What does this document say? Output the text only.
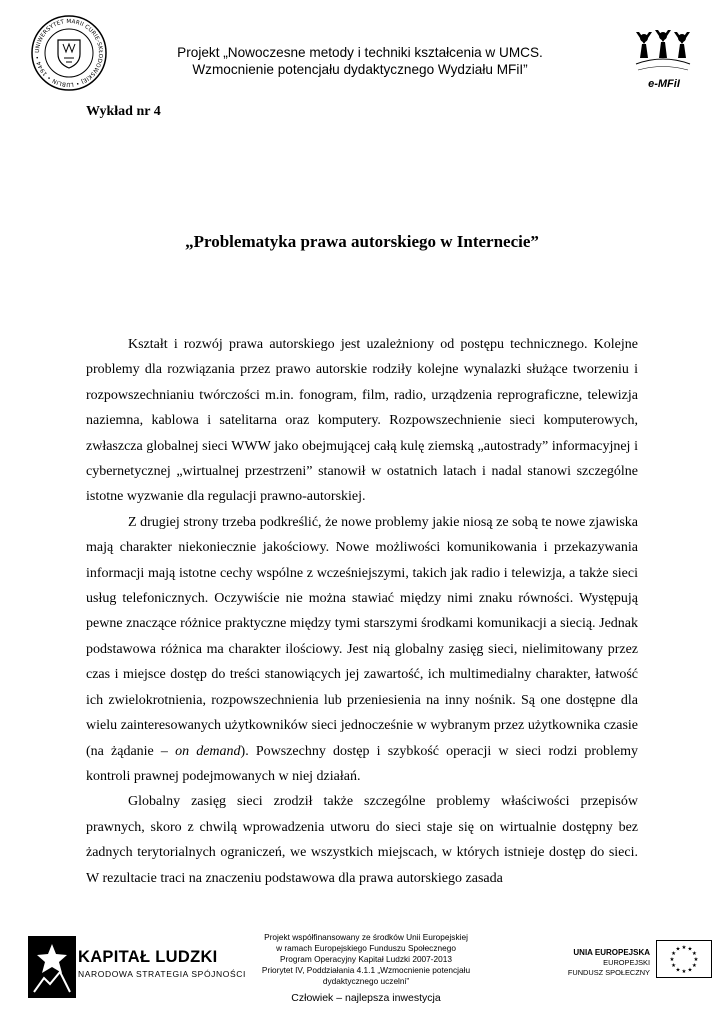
UNIWERSYTET MARII CURIE-SKŁODOWSKIEJ • LUBLIN • 1944 •	Projekt „Nowoczesne metody i techniki kształcenia w UMCS.
Wzmocnienie potencjału dydaktycznego Wydziału MFiI”
e-MFiI
Wykład nr 4
„Problematyka prawa autorskiego w Internecie”

Kształt i rozwój prawa autorskiego jest uzależniony od postępu technicznego. Kolejne problemy dla rozwiązania przez prawo autorskie rodziły kolejne wynalazki służące tworzeniu i rozpowszechnianiu twórczości m.in. fonogram, film, radio, urządzenia reprograficzne, telewizja naziemna, kablowa i satelitarna oraz komputery. Rozpowszechnienie sieci komputerowych, zwłaszcza globalnej sieci WWW jako obejmującej całą kulę ziemską „autostrady” informacyjnej i cybernetycznej „wirtualnej przestrzeni” stanowił w ostatnich latach i nadal stanowi szczególne istotne wyzwanie dla regulacji prawno-autorskiej.

Z drugiej strony trzeba podkreślić, że nowe problemy jakie niosą ze sobą te nowe zjawiska mają charakter niekoniecznie jakościowy. Nowe możliwości komunikowania i przekazywania informacji mają istotne cechy wspólne z wcześniejszymi, takich jak radio i telewizja, a także sieci usług telefonicznych. Oczywiście nie można stawiać między nimi znaku równości. Występują pewne znaczące różnice praktyczne między tymi starszymi środkami komunikacji a siecią. Jednak podstawowa różnica ma charakter ilościowy. Jest nią globalny zasięg sieci, nielimitowany przez czas i miejsce dostęp do treści stanowiących jej zawartość, ich multimedialny charakter, łatwość ich zwielokrotnienia, rozpowszechnienia lub przeniesienia na inny nośnik. Są one dostępne dla wielu zainteresowanych użytkowników sieci jednocześnie w wybranym przez użytkownika czasie (na żądanie – on demand). Powszechny dostęp i szybkość operacji w sieci rodzi problemy kontroli prawnej podejmowanych w niej działań.

Globalny zasięg sieci zrodził także szczególne problemy właściwości przepisów prawnych, skoro z chwilą wprowadzenia utworu do sieci staje się on wirtualnie dostępny bez żadnych terytorialnych ograniczeń, we wszystkich miejscach, w których istnieje dostęp do sieci. W rezultacie traci na znaczeniu podstawowa dla prawa autorskiego zasada

KAPITAŁ LUDZKI
NARODOWA STRATEGIA SPÓJNOŚCI
Projekt współfinansowany ze środków Unii Europejskiej
w ramach Europejskiego Funduszu Społecznego
Program Operacyjny Kapitał Ludzki 2007-2013
Priorytet IV, Poddziałania 4.1.1 „Wzmocnienie potencjału dydaktycznego uczelni”
Człowiek – najlepsza inwestycja
UNIA EUROPEJSKA
EUROPEJSKI
FUNDUSZ SPOŁECZNY
★
★
★
★
★
★
★
★
★ ★ ★
★
